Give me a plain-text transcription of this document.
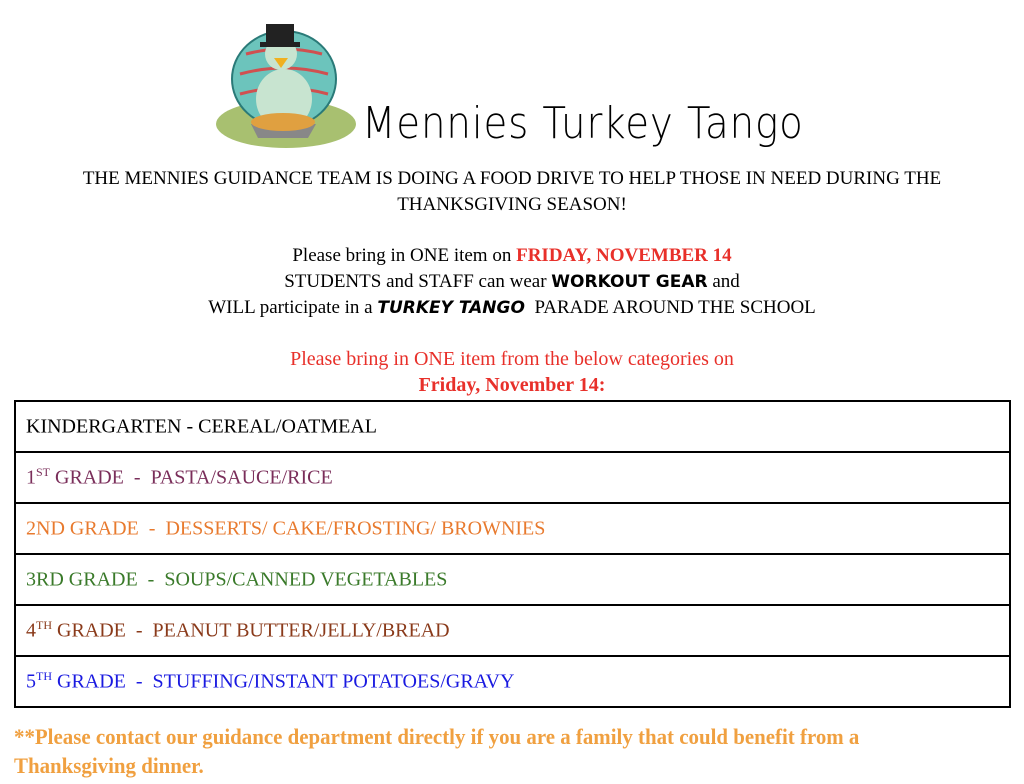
Mennies Turkey Tango
THE MENNIES GUIDANCE TEAM IS DOING A FOOD DRIVE TO HELP THOSE IN NEED DURING THE
THANKSGIVING SEASON!
Please bring in ONE item on FRIDAY, NOVEMBER 14
STUDENTS and STAFF can wear WORKOUT GEAR and
WILL participate in a TURKEY TANGO  PARADE AROUND THE SCHOOL
Please bring in ONE item from the below categories on
Friday, November 14:
KINDERGARTEN - CEREAL/OATMEAL
1ST GRADE  -  PASTA/SAUCE/RICE
2ND GRADE  -  DESSERTS/ CAKE/FROSTING/ BROWNIES
3RD GRADE  -  SOUPS/CANNED VEGETABLES
4TH GRADE  -  PEANUT BUTTER/JELLY/BREAD
5TH GRADE  -  STUFFING/INSTANT POTATOES/GRAVY
**Please contact our guidance department directly if you are a family that could benefit from a Thanksgiving dinner.
